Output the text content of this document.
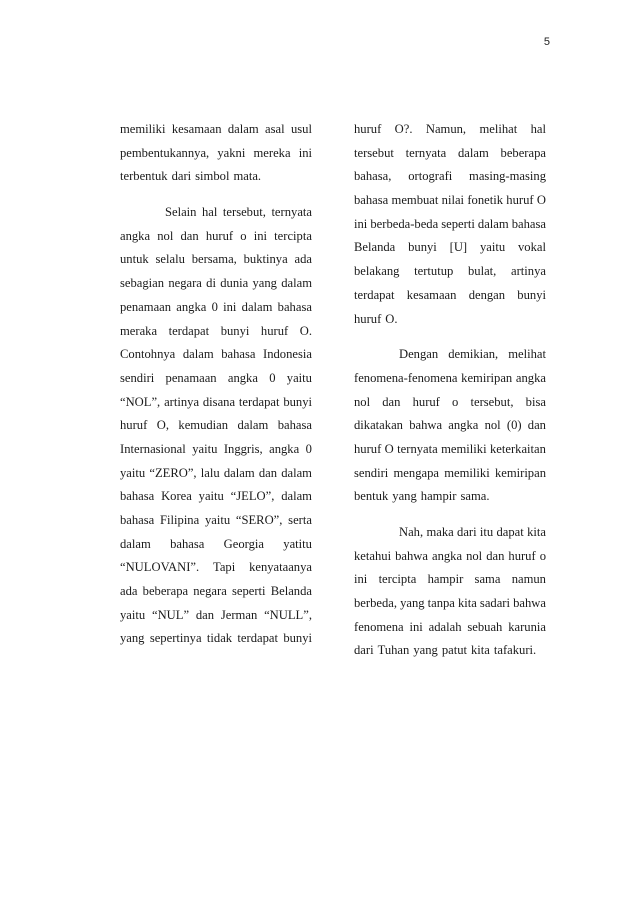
5
memiliki kesamaan dalam asal usul
pembentukannya, yakni mereka ini
terbentuk dari simbol mata.
Selain hal tersebut, ternyata
angka nol dan huruf o ini tercipta
untuk selalu bersama, buktinya ada
sebagian negara di dunia yang dalam
penamaan angka 0 ini dalam bahasa
meraka terdapat bunyi huruf O.
Contohnya dalam bahasa Indonesia
sendiri penamaan angka 0 yaitu
“NOL”, artinya disana terdapat bunyi
huruf O, kemudian dalam bahasa
Internasional yaitu Inggris, angka 0
yaitu “ZERO”, lalu dalam dan dalam
bahasa Korea yaitu “JELO”, dalam
bahasa Filipina yaitu “SERO”, serta
dalam bahasa Georgia yatitu
“NULOVANI”. Tapi kenyataanya
ada beberapa negara seperti Belanda
yaitu “NUL” dan Jerman “NULL”,
yang sepertinya tidak terdapat bunyi
huruf O?. Namun, melihat hal
tersebut ternyata dalam beberapa
bahasa, ortografi masing-masing
bahasa membuat nilai fonetik huruf O
ini berbeda-beda seperti dalam bahasa
Belanda bunyi [U] yaitu vokal
belakang tertutup bulat, artinya
terdapat kesamaan dengan bunyi
huruf O.
Dengan demikian, melihat
fenomena-fenomena kemiripan angka
nol dan huruf o tersebut, bisa
dikatakan bahwa angka nol (0) dan
huruf O ternyata memiliki keterkaitan
sendiri mengapa memiliki kemiripan
bentuk yang hampir sama.
Nah, maka dari itu dapat kita
ketahui bahwa angka nol dan huruf o
ini tercipta hampir sama namun
berbeda, yang tanpa kita sadari bahwa
fenomena ini adalah sebuah karunia
dari Tuhan yang patut kita tafakuri.
